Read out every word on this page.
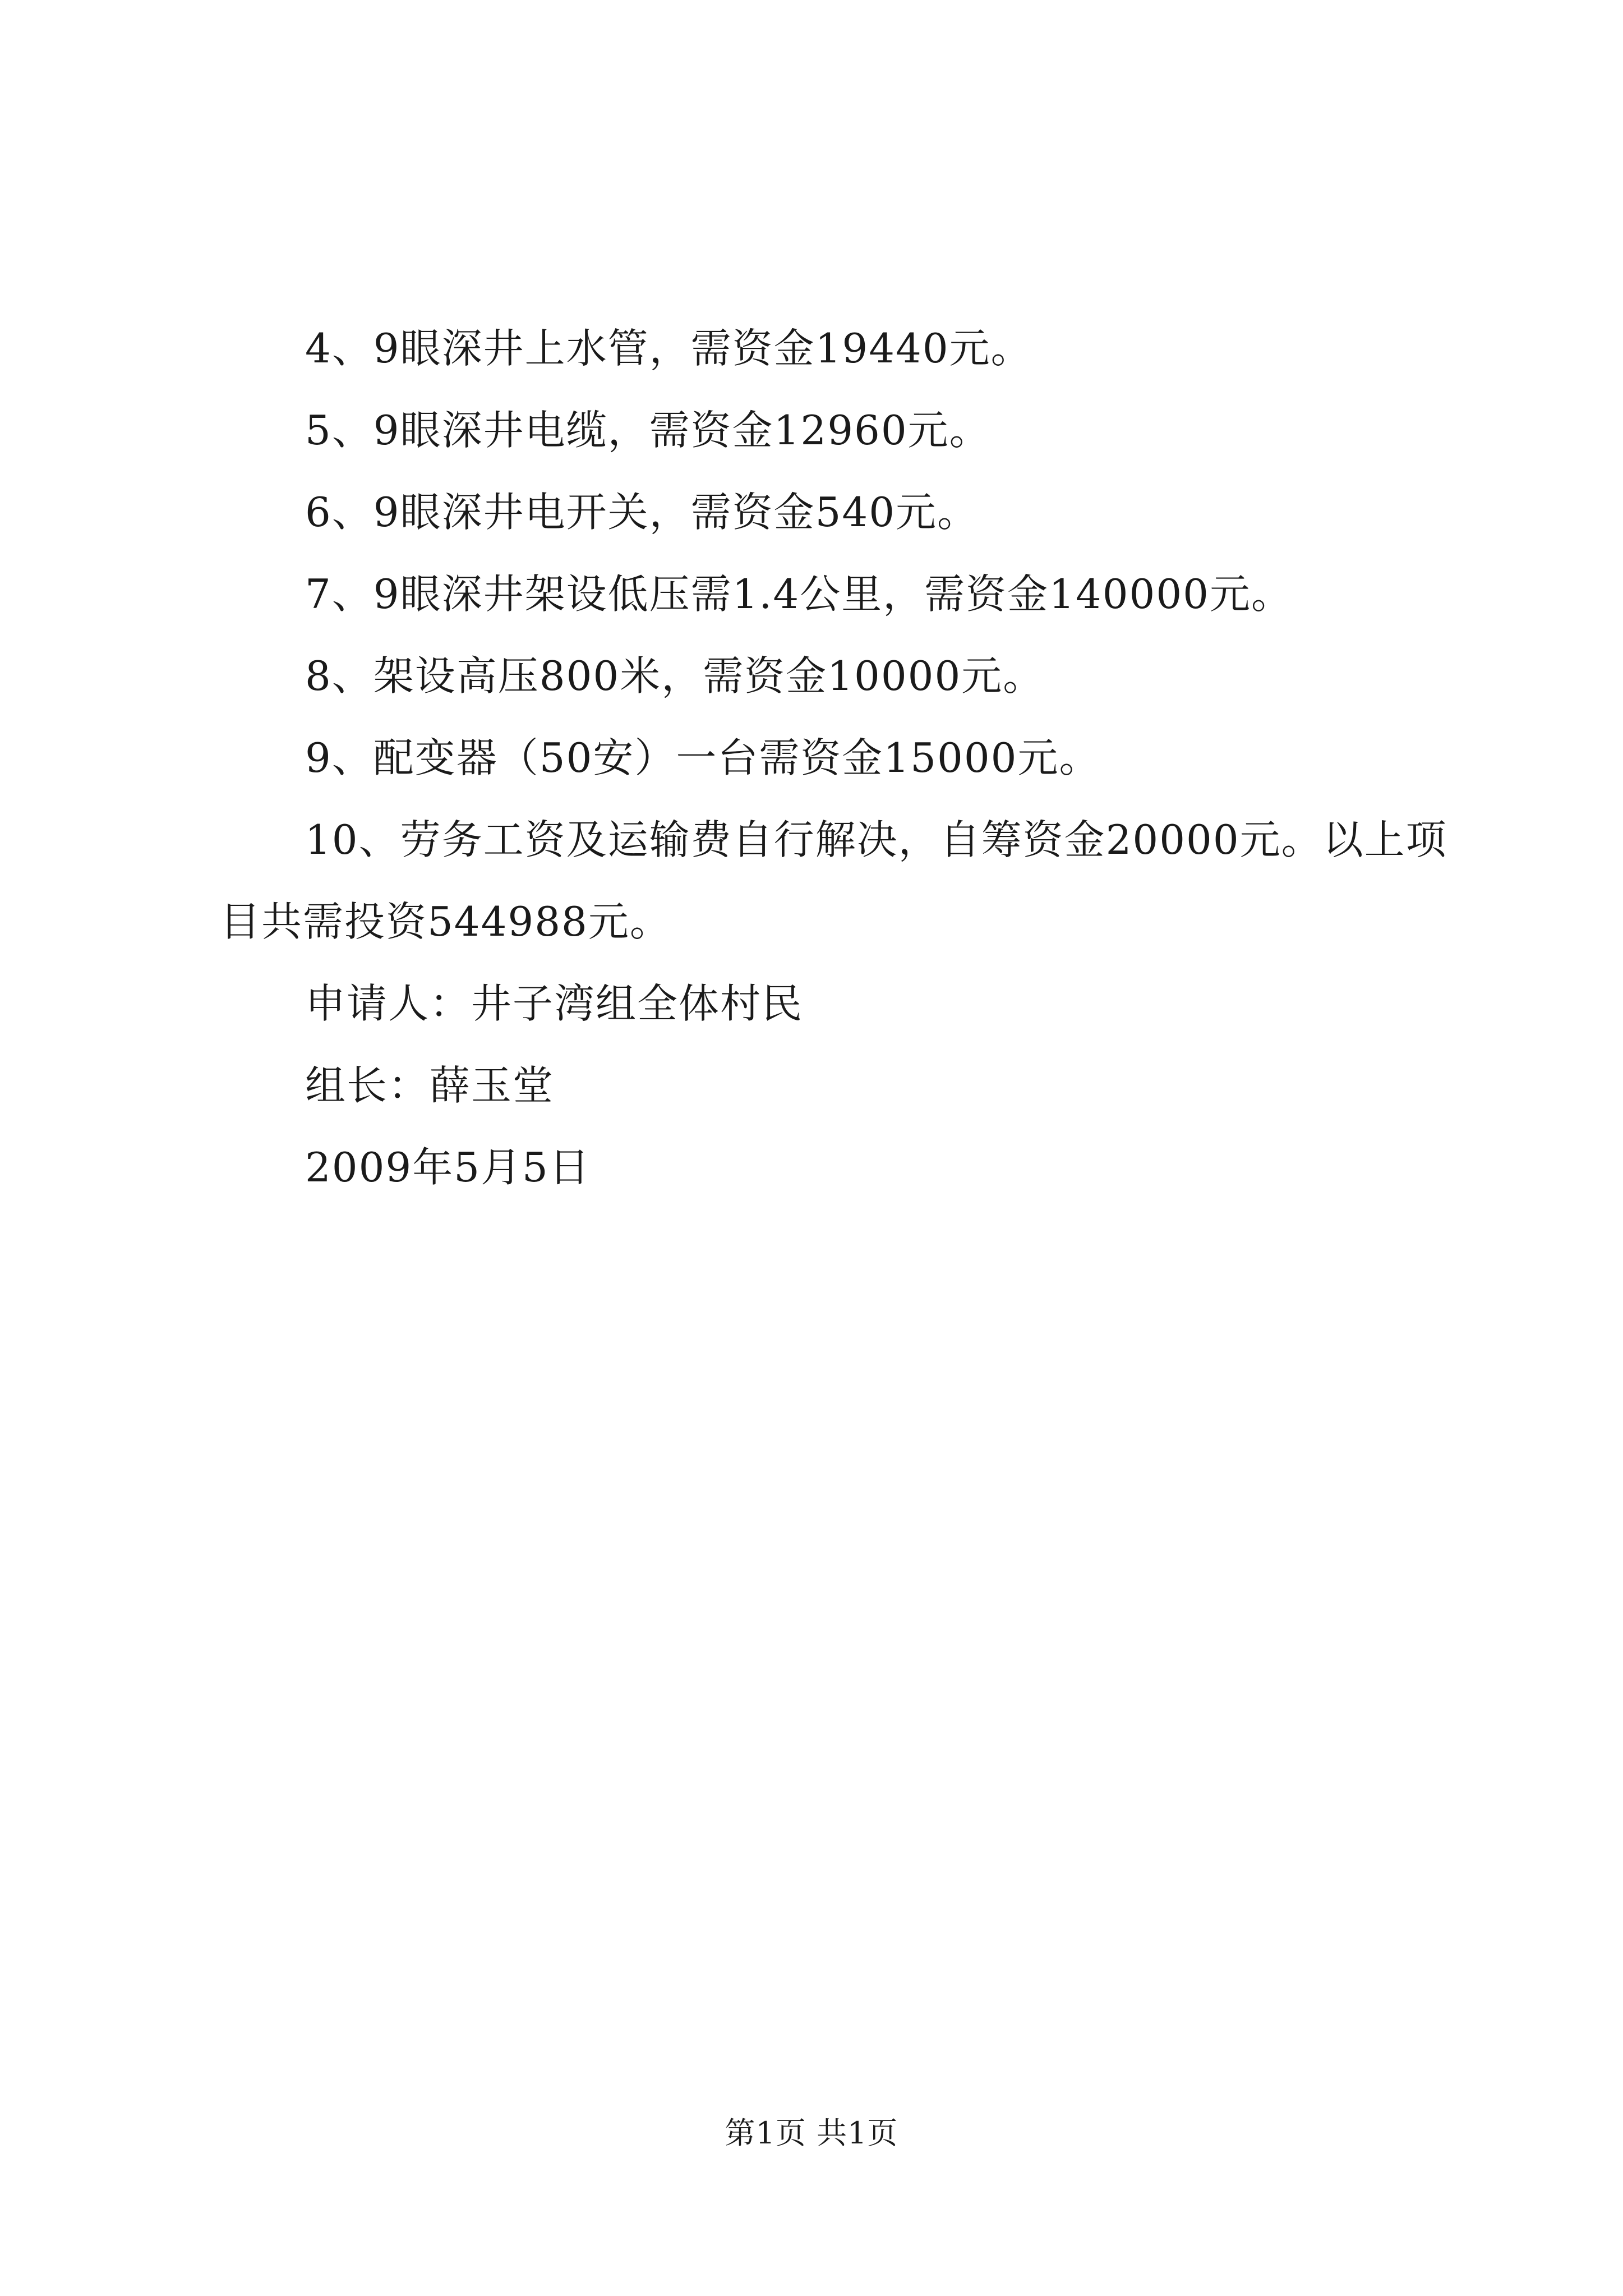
4、9眼深井上水管，需资金19440元。

5、9眼深井电缆，需资金12960元。

6、9眼深井电开关，需资金540元。

7、9眼深井架设低压需1.4公里，需资金140000元。

8、架设高压800米，需资金10000元。

9、配变器（50安）一台需资金15000元。

10、劳务工资及运输费自行解决，自筹资金20000元。以上项目共需投资544988元。

申请人：井子湾组全体村民

组长：薛玉堂

2009年5月5日

第1页 共1页
